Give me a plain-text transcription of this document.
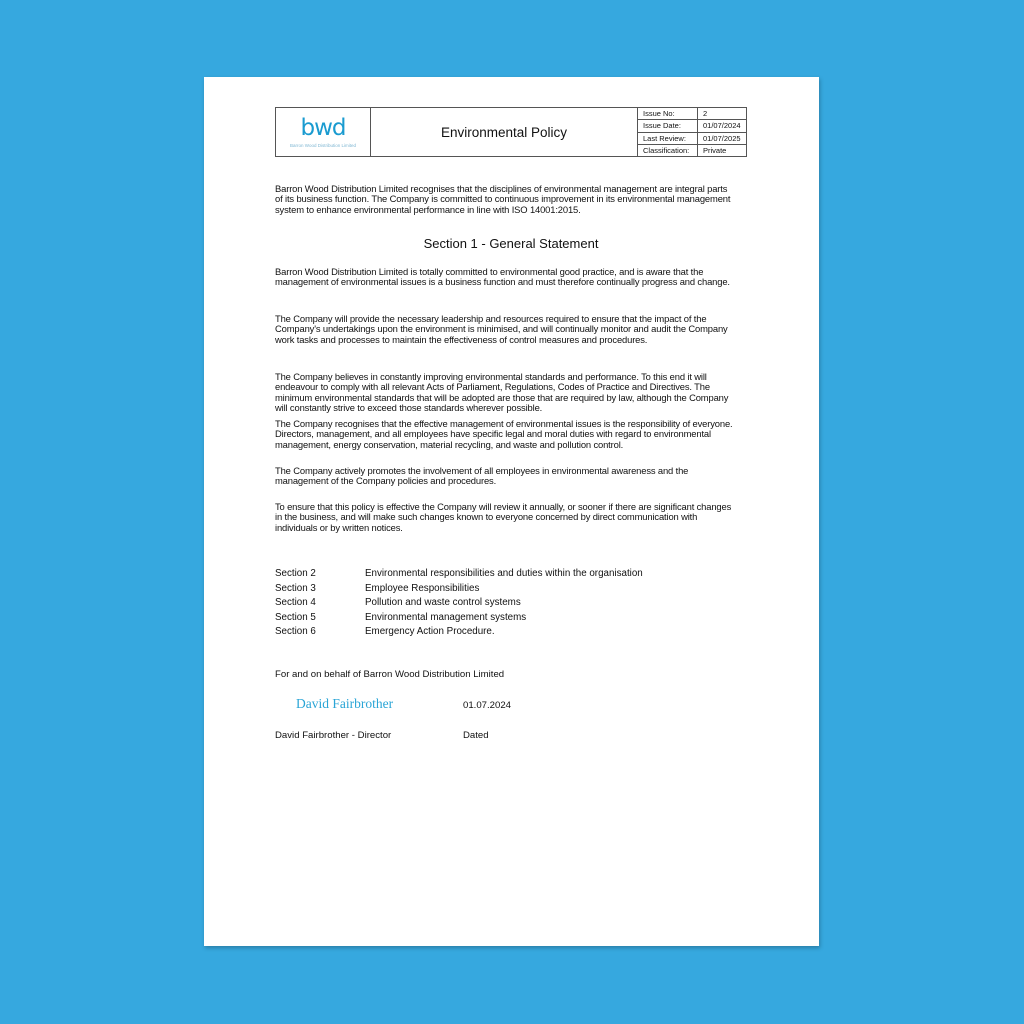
bwd
Barron Wood Distribution Limited
Environmental Policy
Issue No:	2
Issue Date:	01/07/2024
Last Review:	01/07/2025
Classification:	Private
Barron Wood Distribution Limited recognises that the disciplines of environmental management are integral parts of its business function. The Company is committed to continuous improvement in its environmental management system to enhance environmental performance in line with ISO 14001:2015.
Section 1 - General Statement
Barron Wood Distribution Limited is totally committed to environmental good practice, and is aware that the management of environmental issues is a business function and must therefore continually progress and change.
The Company will provide the necessary leadership and resources required to ensure that the impact of the Company's undertakings upon the environment is minimised, and will continually monitor and audit the Company work tasks and processes to maintain the effectiveness of control measures and procedures.
The Company believes in constantly improving environmental standards and performance. To this end it will endeavour to comply with all relevant Acts of Parliament, Regulations, Codes of Practice and Directives. The minimum environmental standards that will be adopted are those that are required by law, although the Company will constantly strive to exceed those standards wherever possible.
The Company recognises that the effective management of environmental issues is the responsibility of everyone. Directors, management, and all employees have specific legal and moral duties with regard to environmental management, energy conservation, material recycling, and waste and pollution control.
The Company actively promotes the involvement of all employees in environmental awareness and the management of the Company policies and procedures.
To ensure that this policy is effective the Company will review it annually, or sooner if there are significant changes in the business, and will make such changes known to everyone concerned by direct communication with individuals or by written notices.
Section 2	Environmental responsibilities and duties within the organisation
Section 3	Employee Responsibilities
Section 4	Pollution and waste control systems
Section 5	Environmental management systems
Section 6	Emergency Action Procedure.
For and on behalf of Barron Wood Distribution Limited
David Fairbrother	01.07.2024
David Fairbrother - Director	Dated
